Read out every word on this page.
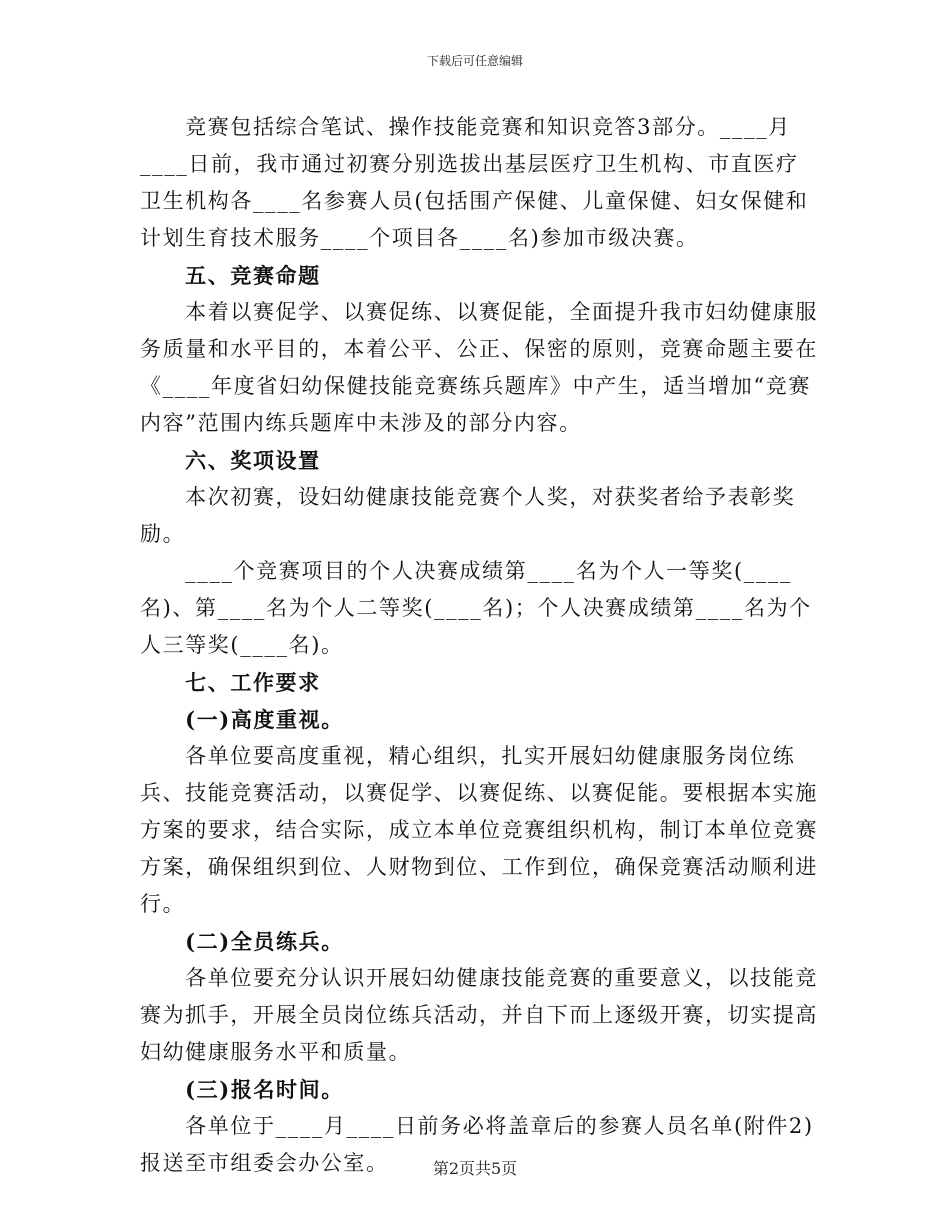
下载后可任意编辑

竞赛包括综合笔试、操作技能竞赛和知识竞答3部分。____月____日前，我市通过初赛分别选拔出基层医疗卫生机构、市直医疗卫生机构各____名参赛人员(包括围产保健、儿童保健、妇女保健和计划生育技术服务____个项目各____名)参加市级决赛。

五、竞赛命题

本着以赛促学、以赛促练、以赛促能，全面提升我市妇幼健康服务质量和水平目的，本着公平、公正、保密的原则，竞赛命题主要在《____年度省妇幼保健技能竞赛练兵题库》中产生，适当增加“竞赛内容”范围内练兵题库中未涉及的部分内容。

六、奖项设置

本次初赛，设妇幼健康技能竞赛个人奖，对获奖者给予表彰奖励。

____个竞赛项目的个人决赛成绩第____名为个人一等奖(____名)、第____名为个人二等奖(____名)；个人决赛成绩第____名为个人三等奖(____名)。

七、工作要求

(一)高度重视。

各单位要高度重视，精心组织，扎实开展妇幼健康服务岗位练兵、技能竞赛活动，以赛促学、以赛促练、以赛促能。要根据本实施方案的要求，结合实际，成立本单位竞赛组织机构，制订本单位竞赛方案，确保组织到位、人财物到位、工作到位，确保竞赛活动顺利进行。

(二)全员练兵。

各单位要充分认识开展妇幼健康技能竞赛的重要意义，以技能竞赛为抓手，开展全员岗位练兵活动，并自下而上逐级开赛，切实提高妇幼健康服务水平和质量。

(三)报名时间。

各单位于____月____日前务必将盖章后的参赛人员名单(附件2)报送至市组委会办公室。	第2页共5页
